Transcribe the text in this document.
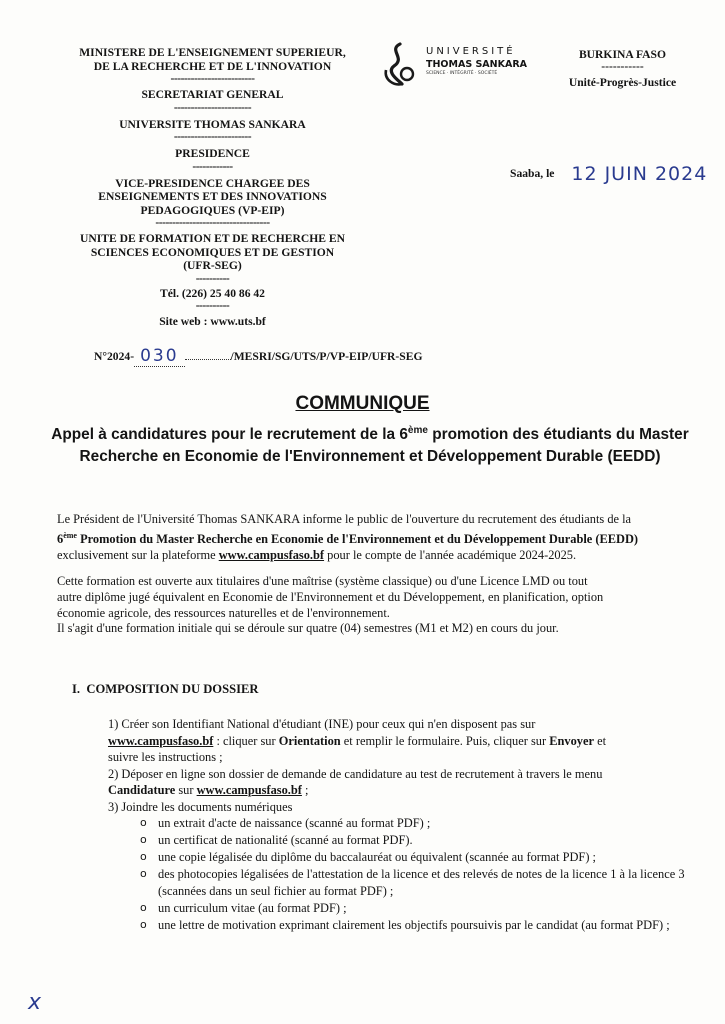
MINISTERE DE L'ENSEIGNEMENT SUPERIEUR,
DE LA RECHERCHE ET DE L'INNOVATION
-------------------------
SECRETARIAT GENERAL
-----------------------
UNIVERSITE THOMAS SANKARA
-----------------------
PRESIDENCE
------------
VICE-PRESIDENCE CHARGEE DES
ENSEIGNEMENTS ET DES INNOVATIONS
PEDAGOGIQUES (VP-EIP)
----------------------------------
UNITE DE FORMATION ET DE RECHERCHE EN
SCIENCES ECONOMIQUES ET DE GESTION
(UFR-SEG)
----------
Tél. (226) 25 40 86 42
----------
Site web : www.uts.bf
UNIVERSITÉ
THOMAS SANKARA
SCIENCE · INTÉGRITÉ · SOCIÉTÉ
BURKINA FASO
-----------
Unité-Progrès-Justice
Saaba, le 12 JUIN 2024
N°2024- 030	/MESRI/SG/UTS/P/VP-EIP/UFR-SEG
COMMUNIQUE
Appel à candidatures pour le recrutement de la 6ème promotion des étudiants du Master Recherche en Economie de l'Environnement et Développement Durable (EEDD)
Le Président de l'Université Thomas SANKARA informe le public de l'ouverture du recrutement des étudiants de la
6ème Promotion du Master Recherche en Economie de l'Environnement et du Développement Durable (EEDD)
exclusivement sur la plateforme www.campusfaso.bf pour le compte de l'année académique 2024-2025.
Cette formation est ouverte aux titulaires d'une maîtrise (système classique) ou d'une Licence LMD ou tout
autre diplôme jugé équivalent en Economie de l'Environnement et du Développement, en planification, option
économie agricole, des ressources naturelles et de l'environnement.
Il s'agit d'une formation initiale qui se déroule sur quatre (04) semestres (M1 et M2) en cours du jour.
I. COMPOSITION DU DOSSIER
1) Créer son Identifiant National d'étudiant (INE) pour ceux qui n'en disposent pas sur
www.campusfaso.bf : cliquer sur Orientation et remplir le formulaire. Puis, cliquer sur Envoyer et
suivre les instructions ;
2) Déposer en ligne son dossier de demande de candidature au test de recrutement à travers le menu
Candidature sur www.campusfaso.bf ;
3) Joindre les documents numériques
o un extrait d'acte de naissance (scanné au format PDF) ;
o un certificat de nationalité (scanné au format PDF).
o une copie légalisée du diplôme du baccalauréat ou équivalent (scannée au format PDF) ;
o des photocopies légalisées de l'attestation de la licence et des relevés de notes de la licence 1 à la licence 3 (scannées dans un seul fichier au format PDF) ;
o un curriculum vitae (au format PDF) ;
o une lettre de motivation exprimant clairement les objectifs poursuivis par le candidat (au format PDF) ;
x
